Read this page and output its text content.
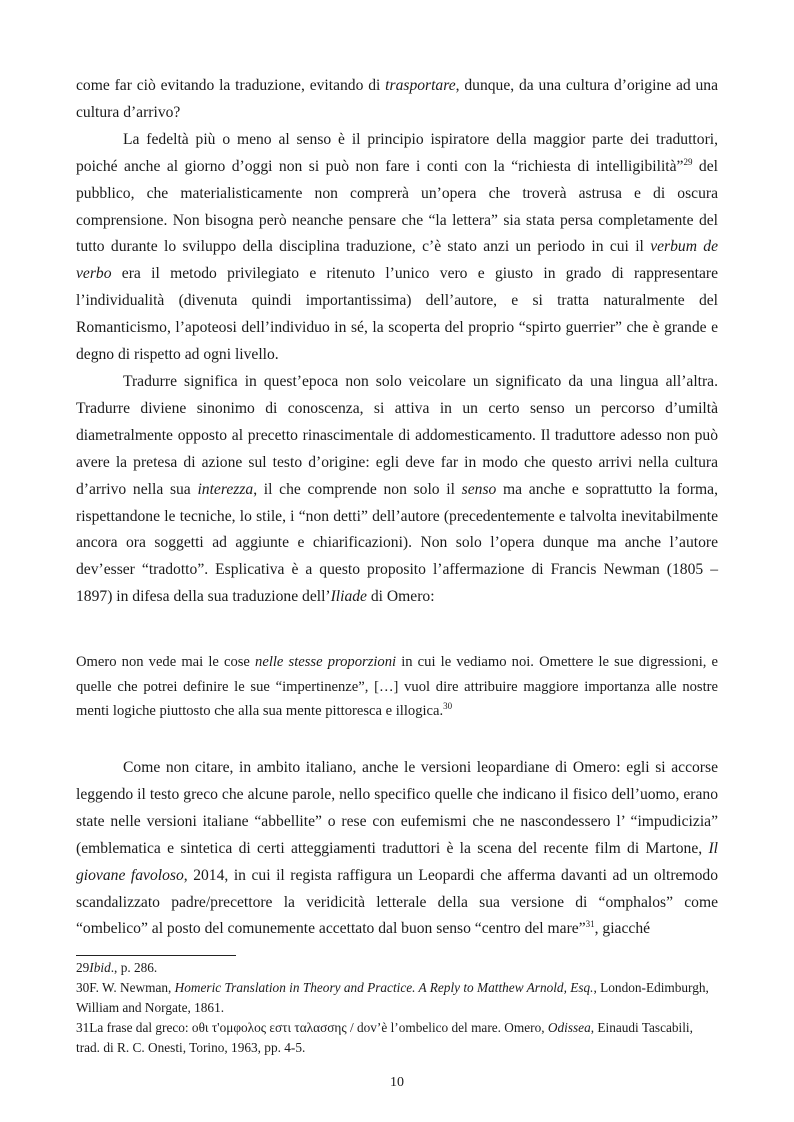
come far ciò evitando la traduzione, evitando di trasportare, dunque, da una cultura d’origine ad una cultura d’arrivo?

La fedeltà più o meno al senso è il principio ispiratore della maggior parte dei traduttori, poiché anche al giorno d’oggi non si può non fare i conti con la “richiesta di intelligibilità”$^{29}$ del pubblico, che materialisticamente non comprerà un’opera che troverà astrusa e di oscura comprensione. Non bisogna però neanche pensare che “la lettera” sia stata persa completamente del tutto durante lo sviluppo della disciplina traduzione, c’è stato anzi un periodo in cui il verbum de verbo era il metodo privilegiato e ritenuto l’unico vero e giusto in grado di rappresentare l’individualità (divenuta quindi importantissima) dell’autore, e si tratta naturalmente del Romanticismo, l’apoteosi dell’individuo in sé, la scoperta del proprio “spirto guerrier” che è grande e degno di rispetto ad ogni livello.

Tradurre significa in quest’epoca non solo veicolare un significato da una lingua all’altra. Tradurre diviene sinonimo di conoscenza, si attiva in un certo senso un percorso d’umiltà diametralmente opposto al precetto rinascimentale di addomesticamento. Il traduttore adesso non può avere la pretesa di azione sul testo d’origine: egli deve far in modo che questo arrivi nella cultura d’arrivo nella sua interezza, il che comprende non solo il senso ma anche e soprattutto la forma, rispettandone le tecniche, lo stile, i “non detti” dell’autore (precedentemente e talvolta inevitabilmente ancora ora soggetti ad aggiunte e chiarificazioni). Non solo l’opera dunque ma anche l’autore dev’esser “tradotto”. Esplicativa è a questo proposito l’affermazione di Francis Newman (1805 – 1897) in difesa della sua traduzione dell’Iliade di Omero:

Omero non vede mai le cose nelle stesse proporzioni in cui le vediamo noi. Omettere le sue digressioni, e quelle che potrei definire le sue “impertinenze”, […] vuol dire attribuire maggiore importanza alle nostre menti logiche piuttosto che alla sua mente pittoresca e illogica.$^{30}$

Come non citare, in ambito italiano, anche le versioni leopardiane di Omero: egli si accorse leggendo il testo greco che alcune parole, nello specifico quelle che indicano il fisico dell’uomo, erano state nelle versioni italiane “abbellite” o rese con eufemismi che ne nascondessero l’ “impudicizia” (emblematica e sintetica di certi atteggiamenti traduttori è la scena del recente film di Martone, Il giovane favoloso, 2014, in cui il regista raffigura un Leopardi che afferma davanti ad un oltremodo scandalizzato padre/precettore la veridicità letterale della sua versione di “omphalos” come “ombelico” al posto del comunemente accettato dal buon senso “centro del mare”$^{31}$, giacché

29Ibid., p. 286.

30F. W. Newman, Homeric Translation in Theory and Practice. A Reply to Matthew Arnold, Esq., London-Edimburgh, William and Norgate, 1861.

31La frase dal greco: οθι τ'ομφολος εστι ταλασσης / dov’è l’ombelico del mare. Omero, Odissea, Einaudi Tascabili, trad. di R. C. Onesti, Torino, 1963, pp. 4-5.

10
